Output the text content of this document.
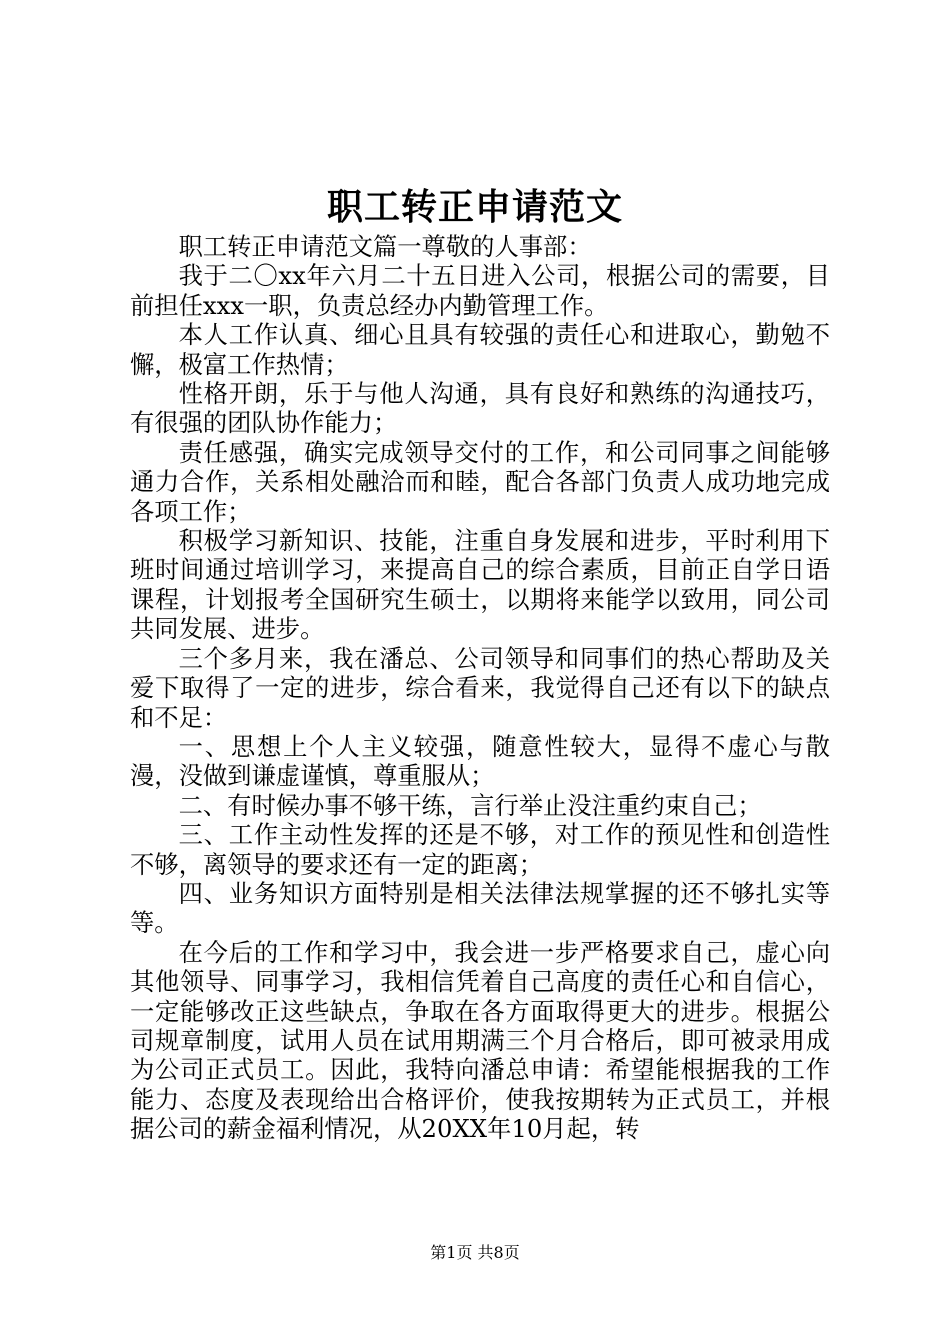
职工转正申请范文

职工转正申请范文篇一尊敬的人事部：

我于二〇xx年六月二十五日进入公司，根据公司的需要，目前担任xxx一职，负责总经办内勤管理工作。

本人工作认真、细心且具有较强的责任心和进取心，勤勉不懈，极富工作热情；

性格开朗，乐于与他人沟通，具有良好和熟练的沟通技巧，有很强的团队协作能力；

责任感强，确实完成领导交付的工作，和公司同事之间能够通力合作，关系相处融洽而和睦，配合各部门负责人成功地完成各项工作；

积极学习新知识、技能，注重自身发展和进步，平时利用下班时间通过培训学习，来提高自己的综合素质，目前正自学日语课程，计划报考全国研究生硕士，以期将来能学以致用，同公司共同发展、进步。

三个多月来，我在潘总、公司领导和同事们的热心帮助及关爱下取得了一定的进步，综合看来，我觉得自己还有以下的缺点和不足：

一、思想上个人主义较强，随意性较大，显得不虚心与散漫，没做到谦虚谨慎，尊重服从；

二、有时候办事不够干练，言行举止没注重约束自己；

三、工作主动性发挥的还是不够，对工作的预见性和创造性不够，离领导的要求还有一定的距离；

四、业务知识方面特别是相关法律法规掌握的还不够扎实等等。

在今后的工作和学习中，我会进一步严格要求自己，虚心向其他领导、同事学习，我相信凭着自己高度的责任心和自信心，一定能够改正这些缺点，争取在各方面取得更大的进步。根据公司规章制度，试用人员在试用期满三个月合格后，即可被录用成为公司正式员工。因此，我特向潘总申请：希望能根据我的工作能力、态度及表现给出合格评价，使我按期转为正式员工，并根据公司的薪金福利情况，从20XX年10月起，转

第1页 共8页
